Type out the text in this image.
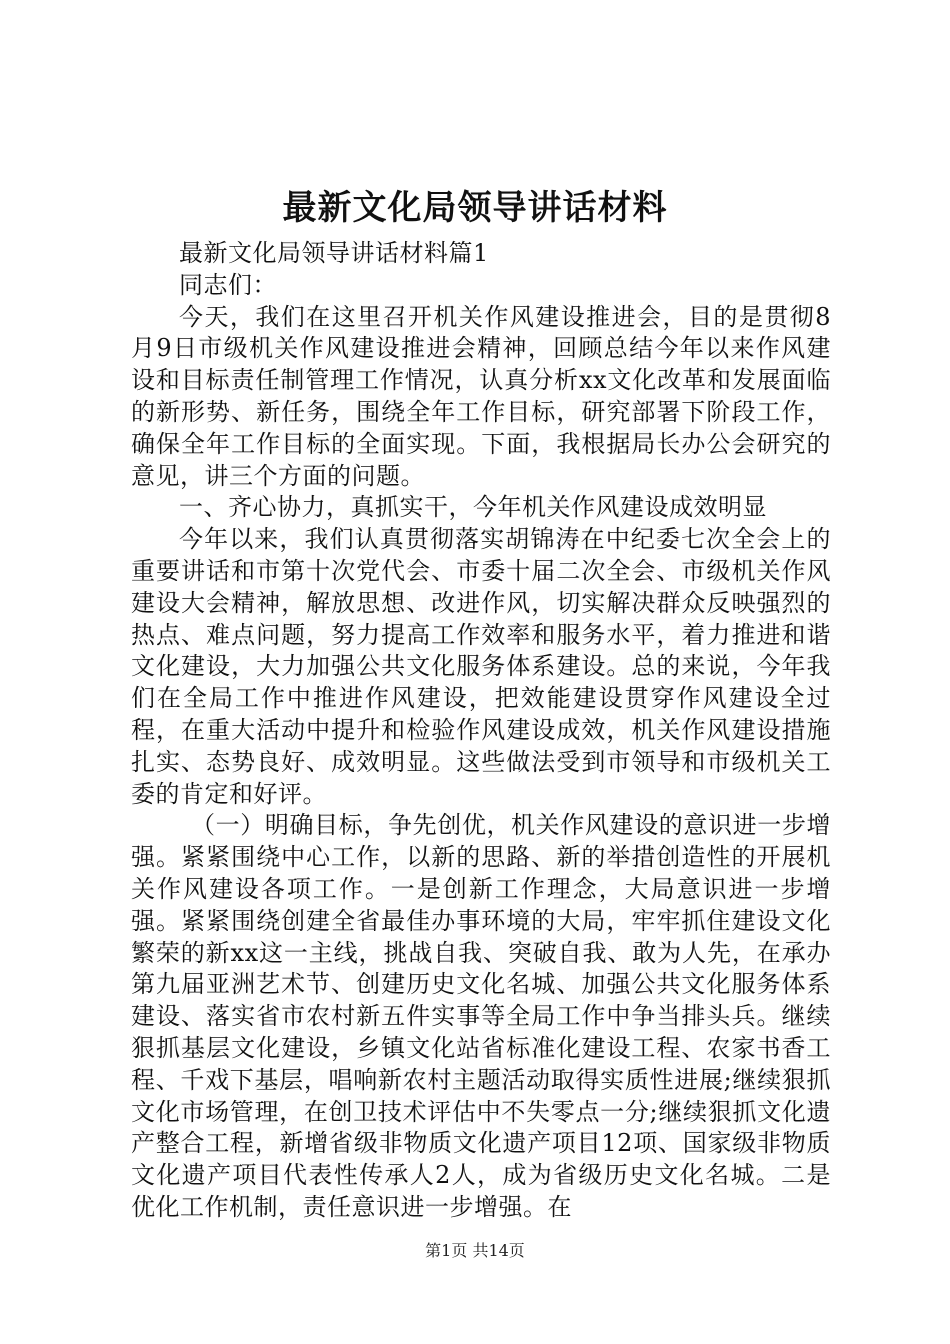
最新文化局领导讲话材料

最新文化局领导讲话材料篇1

同志们：

今天，我们在这里召开机关作风建设推进会，目的是贯彻8月9日市级机关作风建设推进会精神，回顾总结今年以来作风建设和目标责任制管理工作情况，认真分析xx文化改革和发展面临的新形势、新任务，围绕全年工作目标，研究部署下阶段工作，确保全年工作目标的全面实现。下面，我根据局长办公会研究的意见，讲三个方面的问题。

一、齐心协力，真抓实干，今年机关作风建设成效明显

今年以来，我们认真贯彻落实胡锦涛在中纪委七次全会上的重要讲话和市第十次党代会、市委十届二次全会、市级机关作风建设大会精神，解放思想、改进作风，切实解决群众反映强烈的热点、难点问题，努力提高工作效率和服务水平，着力推进和谐文化建设，大力加强公共文化服务体系建设。总的来说，今年我们在全局工作中推进作风建设，把效能建设贯穿作风建设全过程，在重大活动中提升和检验作风建设成效，机关作风建设措施扎实、态势良好、成效明显。这些做法受到市领导和市级机关工委的肯定和好评。

（一）明确目标，争先创优，机关作风建设的意识进一步增强。紧紧围绕中心工作，以新的思路、新的举措创造性的开展机关作风建设各项工作。一是创新工作理念，大局意识进一步增强。紧紧围绕创建全省最佳办事环境的大局，牢牢抓住建设文化繁荣的新xx这一主线，挑战自我、突破自我、敢为人先，在承办第九届亚洲艺术节、创建历史文化名城、加强公共文化服务体系建设、落实省市农村新五件实事等全局工作中争当排头兵。继续狠抓基层文化建设，乡镇文化站省标准化建设工程、农家书香工程、千戏下基层，唱响新农村主题活动取得实质性进展;继续狠抓文化市场管理，在创卫技术评估中不失零点一分;继续狠抓文化遗产整合工程，新增省级非物质文化遗产项目12项、国家级非物质文化遗产项目代表性传承人2人，成为省级历史文化名城。二是优化工作机制，责任意识进一步增强。在

第1页 共14页
